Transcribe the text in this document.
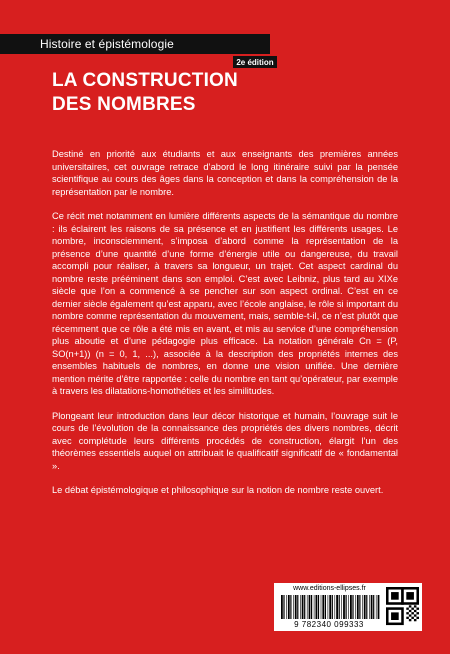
Histoire et épistémologie
2e édition
LA CONSTRUCTION
DES NOMBRES

Destiné en priorité aux étudiants et aux enseignants des premières années universitaires, cet ouvrage retrace d’abord le long itinéraire suivi par la pensée scientifique au cours des âges dans la conception et dans la compréhension de la représentation par le nombre.

Ce récit met notamment en lumière différents aspects de la sémantique du nombre : ils éclairent les raisons de sa présence et en justifient les différents usages. Le nombre, inconsciemment, s’imposa d’abord comme la représentation de la présence d’une quantité d’une forme d’énergie utile ou dangereuse, du travail accompli pour réaliser, à travers sa longueur, un trajet. Cet aspect cardinal du nombre reste prééminent dans son emploi. C’est avec Leibniz, plus tard au XIXe siècle que l’on a commencé à se pencher sur son aspect ordinal. C’est en ce dernier siècle également qu’est apparu, avec l’école anglaise, le rôle si important du nombre comme représentation du mouvement, mais, semble-t-il, ce n’est plutôt que récemment que ce rôle a été mis en avant, et mis au service d’une compréhension plus aboutie et d’une pédagogie plus efficace. La notation générale Cn = (P, SO(n+1)) (n = 0, 1, ...), associée à la description des propriétés internes des ensembles habituels de nombres, en donne une vision unifiée. Une dernière mention mérite d’être rapportée : celle du nombre en tant qu’opérateur, par exemple à travers les dilatations-homothéties et les similitudes.

Plongeant leur introduction dans leur décor historique et humain, l’ouvrage suit le cours de l’évolution de la connaissance des propriétés des divers nombres, décrit avec complétude leurs différents procédés de construction, élargit l’un des théorèmes essentiels auquel on attribuait le qualificatif significatif de « fondamental ».

Le débat épistémologique et philosophique sur la notion de nombre reste ouvert.

www.editions-ellipses.fr
9 782340 099333
